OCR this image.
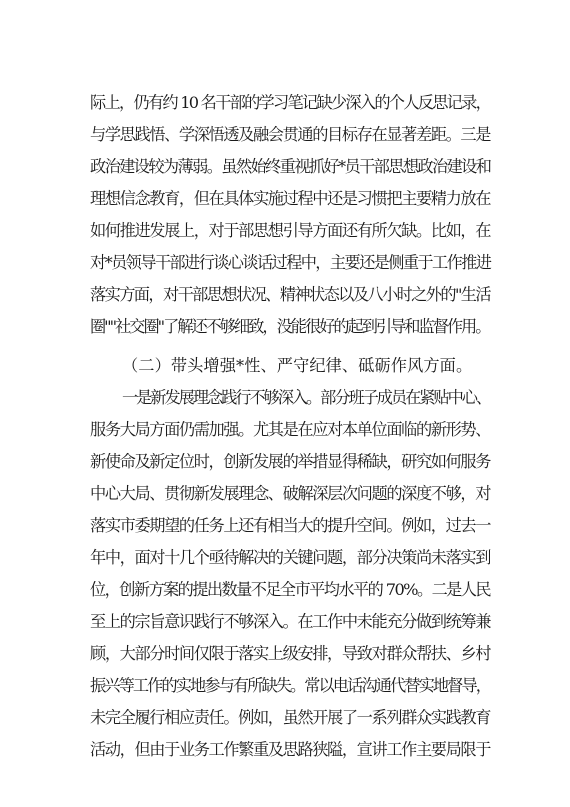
际上，仍有约 10 名干部的学习笔记缺少深入的个人反思记录，
与学思践悟、学深悟透及融会贯通的目标存在显著差距。三是
政治建设较为薄弱。虽然始终重视抓好*员干部思想政治建设和
理想信念教育，但在具体实施过程中还是习惯把主要精力放在
如何推进发展上，对于部思想引导方面还有所欠缺。比如，在
对*员领导干部进行谈心谈话过程中，主要还是侧重于工作推进
落实方面，对干部思想状况、精神状态以及八小时之外的"生活
圈""社交圈"了解还不够细致，没能很好的起到引导和监督作用。
（二）带头增强*性、严守纪律、砥砺作风方面。
一是新发展理念践行不够深入。部分班子成员在紧贴中心、
服务大局方面仍需加强。尤其是在应对本单位面临的新形势、
新使命及新定位时，创新发展的举措显得稀缺，研究如何服务
中心大局、贯彻新发展理念、破解深层次问题的深度不够，对
落实市委期望的任务上还有相当大的提升空间。例如，过去一
年中，面对十几个亟待解决的关键问题，部分决策尚未落实到
位，创新方案的提出数量不足全市平均水平的 70%。二是人民
至上的宗旨意识践行不够深入。在工作中未能充分做到统筹兼
顾，大部分时间仅限于落实上级安排，导致对群众帮扶、乡村
振兴等工作的实地参与有所缺失。常以电话沟通代替实地督导，
未完全履行相应责任。例如，虽然开展了一系列群众实践教育
活动，但由于业务工作繁重及思路狭隘，宣讲工作主要局限于
